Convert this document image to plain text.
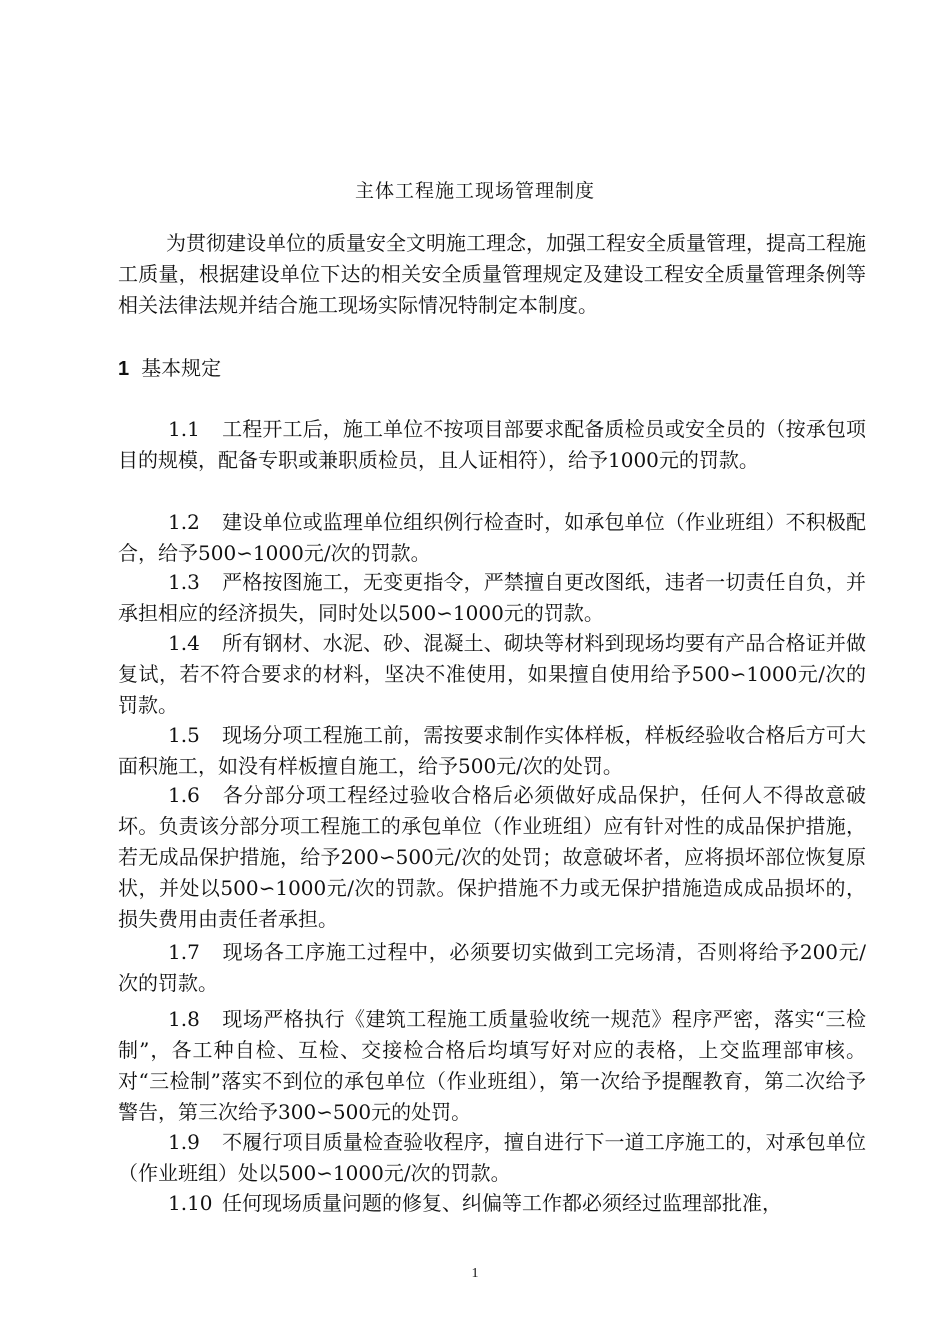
主体工程施工现场管理制度
为贯彻建设单位的质量安全文明施工理念，加强工程安全质量管理，提高工程施工质量，根据建设单位下达的相关安全质量管理规定及建设工程安全质量管理条例等相关法律法规并结合施工现场实际情况特制定本制度。
1 基本规定
1.1 工程开工后，施工单位不按项目部要求配备质检员或安全员的（按承包项目的规模，配备专职或兼职质检员，且人证相符），给予1000元的罚款。
1.2 建设单位或监理单位组织例行检查时，如承包单位（作业班组）不积极配合，给予500∽1000元/次的罚款。
1.3 严格按图施工，无变更指令，严禁擅自更改图纸，违者一切责任自负，并承担相应的经济损失，同时处以500∽1000元的罚款。
1.4 所有钢材、水泥、砂、混凝土、砌块等材料到现场均要有产品合格证并做复试，若不符合要求的材料，坚决不准使用，如果擅自使用给予500∽1000元/次的罚款。
1.5 现场分项工程施工前，需按要求制作实体样板，样板经验收合格后方可大面积施工，如没有样板擅自施工，给予500元/次的处罚。
1.6 各分部分项工程经过验收合格后必须做好成品保护，任何人不得故意破坏。负责该分部分项工程施工的承包单位（作业班组）应有针对性的成品保护措施，若无成品保护措施，给予200∽500元/次的处罚；故意破坏者，应将损坏部位恢复原状，并处以500∽1000元/次的罚款。保护措施不力或无保护措施造成成品损坏的，损失费用由责任者承担。
1.7 现场各工序施工过程中，必须要切实做到工完场清，否则将给予200元/次的罚款。
1.8 现场严格执行《建筑工程施工质量验收统一规范》程序严密，落实“三检制”，各工种自检、互检、交接检合格后均填写好对应的表格，上交监理部审核。对“三检制”落实不到位的承包单位（作业班组），第一次给予提醒教育，第二次给予警告，第三次给予300∽500元的处罚。
1.9 不履行项目质量检查验收程序，擅自进行下一道工序施工的，对承包单位（作业班组）处以500∽1000元/次的罚款。
1.10 任何现场质量问题的修复、纠偏等工作都必须经过监理部批准，
1
